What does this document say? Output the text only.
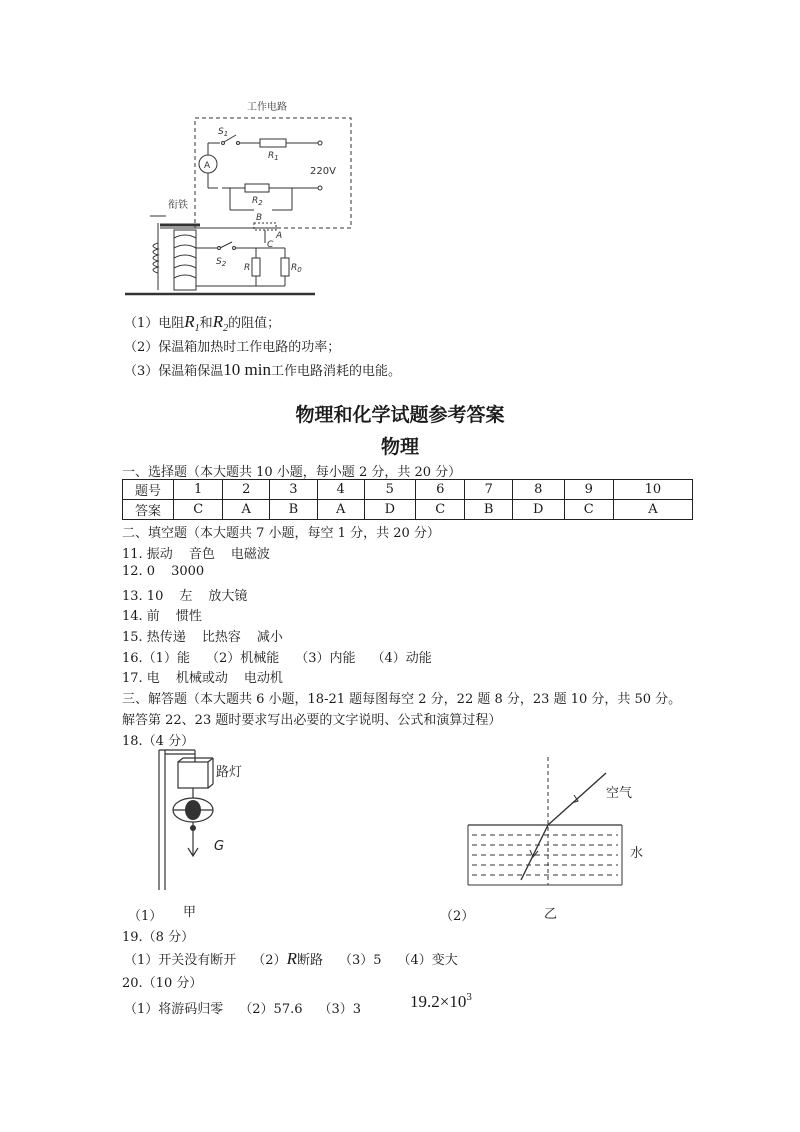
工作电路
220V
A
$S_1$
$R_1$
$R_2$
B
A
C
$S_2$ R	$R_0$
衔铁
（1）电阻$R_1$和$R_2$的阻值；
（2）保温箱加热时工作电路的功率；
（3）保温箱保温10 min工作电路消耗的电能。
物理和化学试题参考答案
物理
一、选择题（本大题共 10 小题，每小题 2 分，共 20 分）
题号	1	2	3	4	5	6	7	8	9	10
答案	C	A	B	A	D	C	B	D	C	A
二、填空题（本大题共 7 小题，每空 1 分，共 20 分）
11. 振动 音色 电磁波
12. 0 3000
13. 10 左 放大镜
14. 前 惯性
15. 热传递 比热容 减小
16.（1）能 （2）机械能 （3）内能 （4）动能
17. 电 机械或动 电动机
三、解答题（本大题共 6 小题，18-21 题每图每空 2 分，22 题 8 分，23 题 10 分，共 50 分。
解答第 22、23 题时要求写出必要的文字说明、公式和演算过程）
18.（4 分）
路灯
G
（1） 甲
空气
水
（2）	乙
19.（8 分）
（1）开关没有断开 （2）R断路 （3）5 （4）变大
20.（10 分）
（1）将游码归零 （2）57.6 （3）3	$19.2\times 10^3$
